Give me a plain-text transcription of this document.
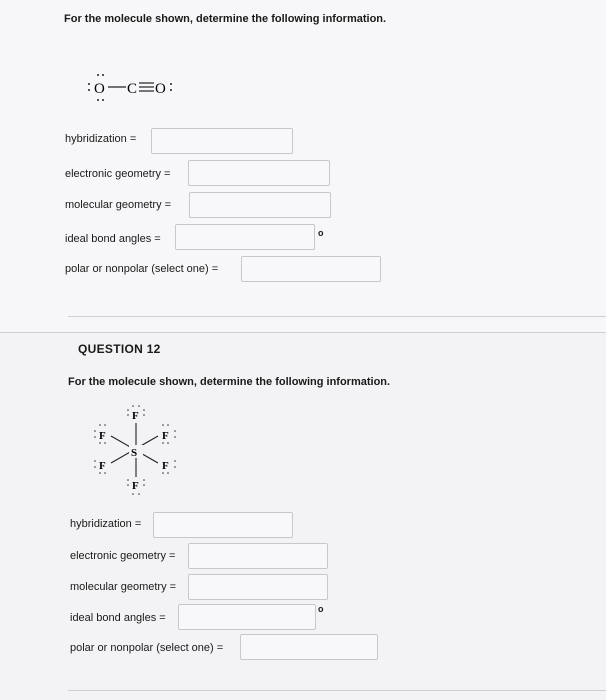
For the molecule shown, determine the following information.
O C O
hybridization =
electronic geometry =
molecular geometry =
ideal bond angles =	o
polar or nonpolar (select one) =
QUESTION 12
For the molecule shown, determine the following information.
S
F
F	F
F	F
F
hybridization =
electronic geometry =
molecular geometry =
ideal bond angles =
o
polar or nonpolar (select one) =
